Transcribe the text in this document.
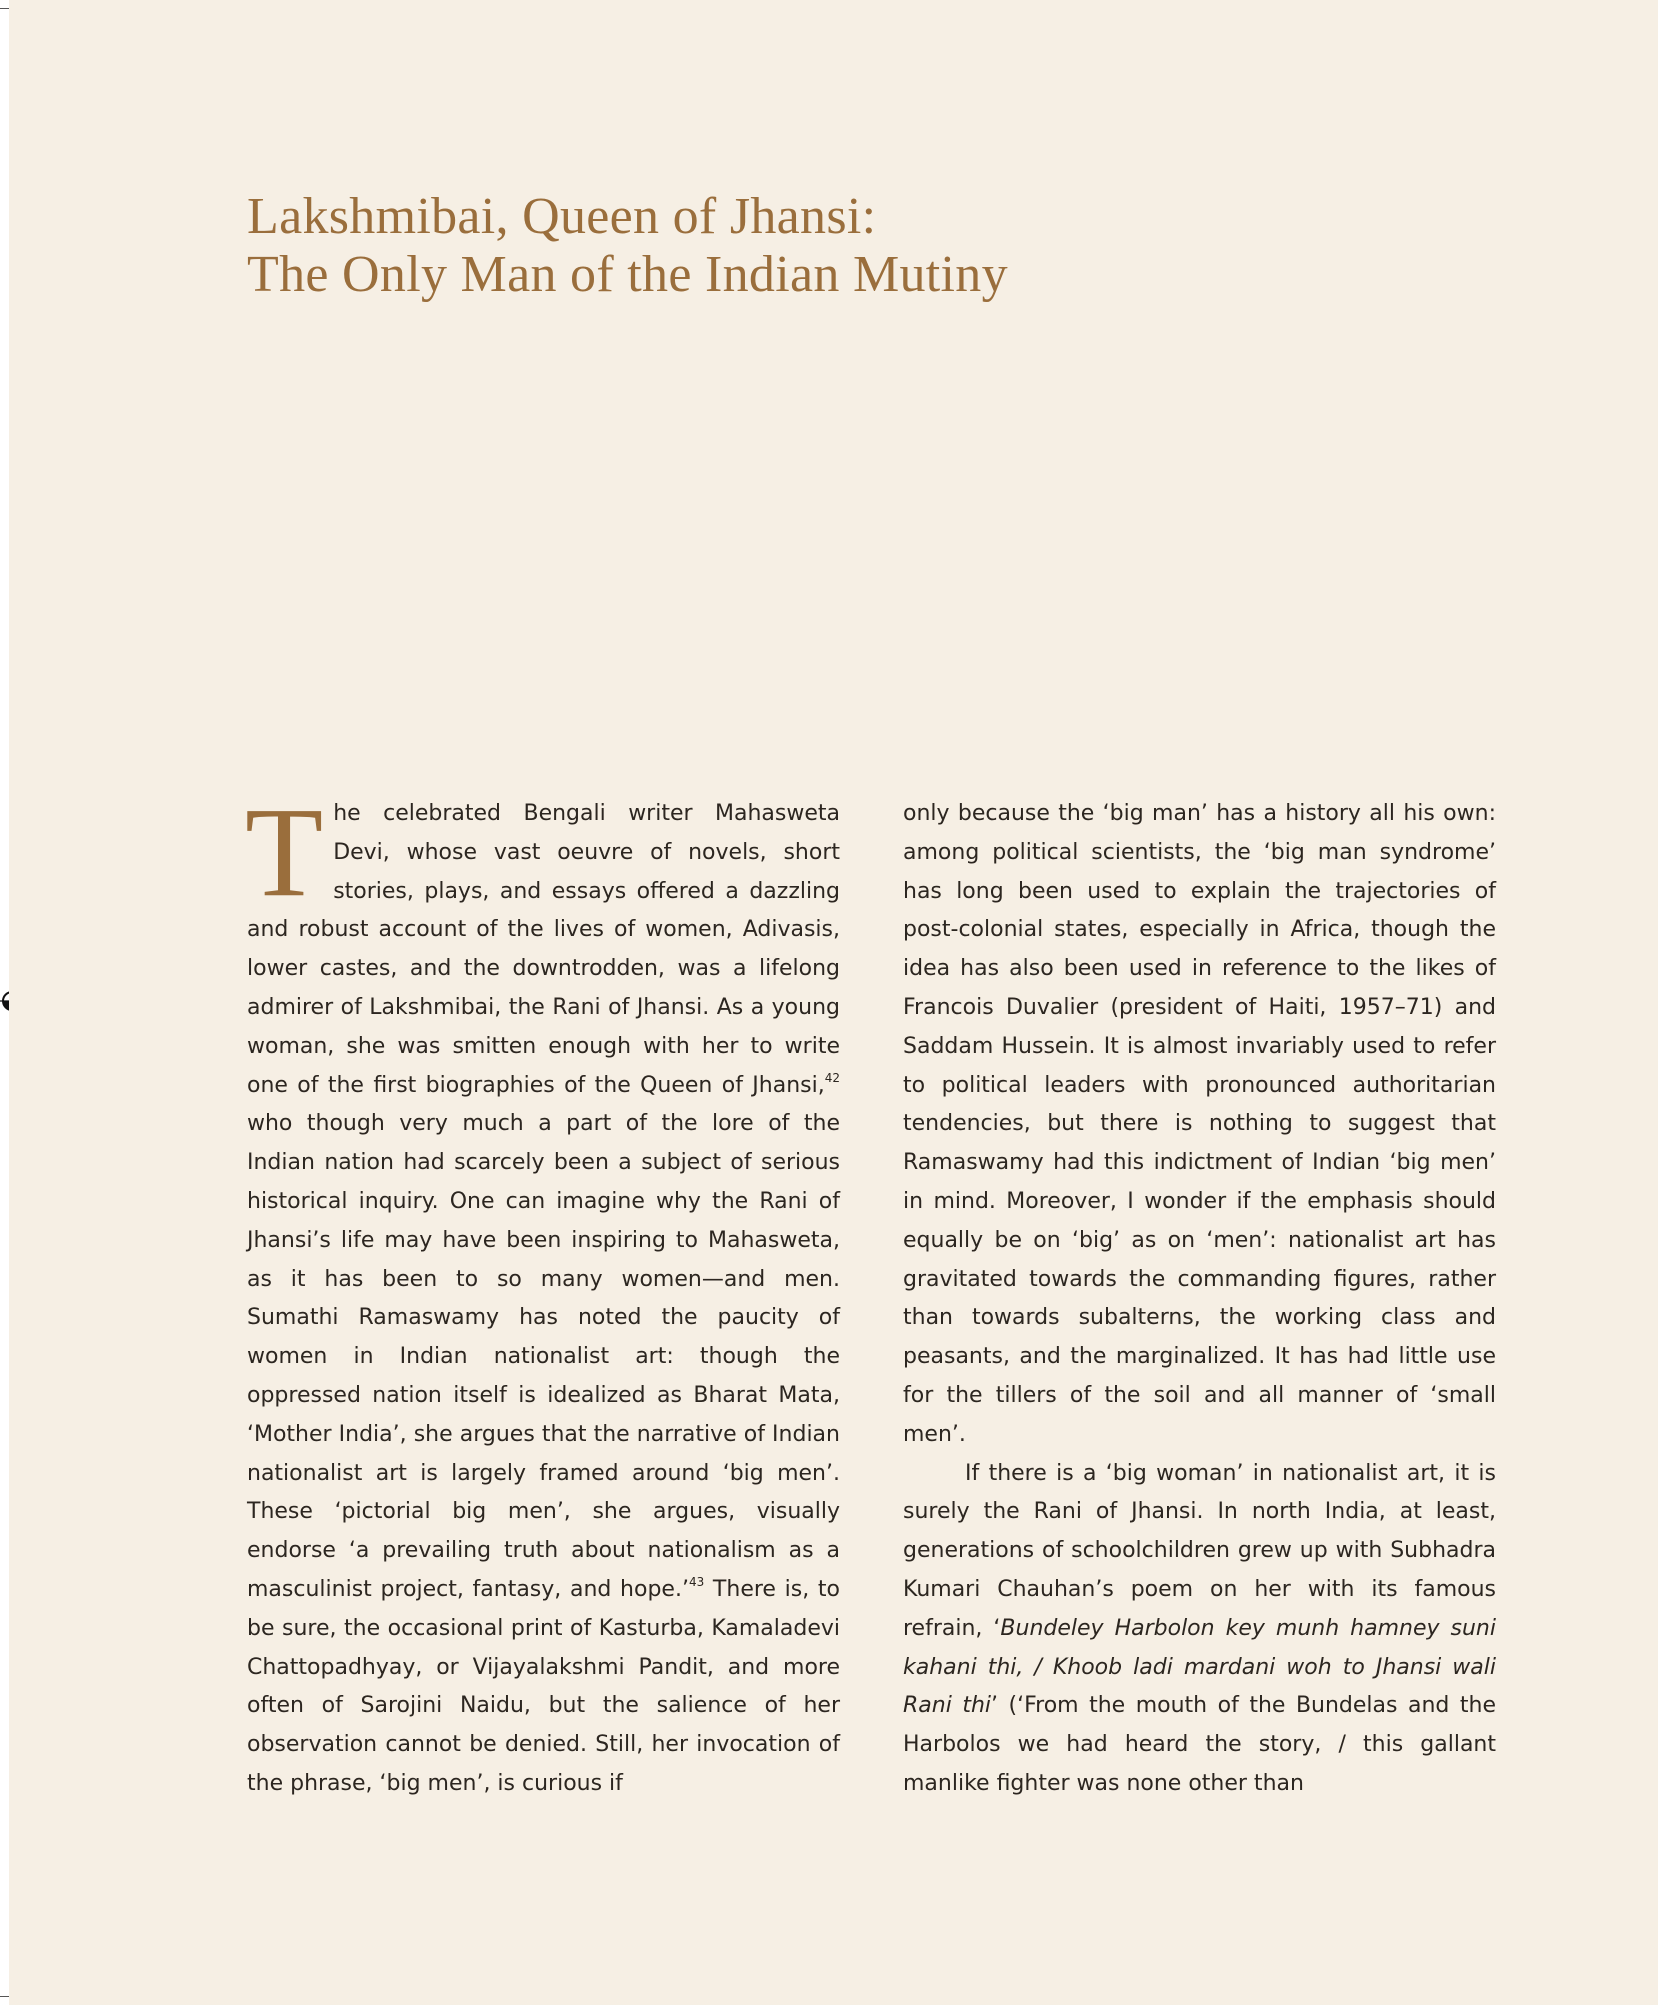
Lakshmibai, Queen of Jhansi:
The Only Man of the Indian Mutiny

The celebrated Bengali writer Mahasweta Devi, whose vast oeuvre of novels, short stories, plays, and essays offered a dazzling and robust account of the lives of women, Adivasis, lower castes, and the downtrodden, was a lifelong admirer of Lakshmibai, the Rani of Jhansi. As a young woman, she was smitten enough with her to write one of the first biographies of the Queen of Jhansi,$^{42}$ who though very much a part of the lore of the Indian nation had scarcely been a subject of serious historical inquiry. One can imagine why the Rani of Jhansi’s life may have been inspiring to Mahasweta, as it has been to so many women—and men. Sumathi Ramaswamy has noted the paucity of women in Indian nationalist art: though the oppressed nation itself is idealized as Bharat Mata, ‘Mother India’, she argues that the narrative of Indian nationalist art is largely framed around ‘big men’. These ‘pictorial big men’, she argues, visually endorse ‘a prevailing truth about nationalism as a masculinist project, fantasy, and hope.’$^{43}$ There is, to be sure, the occasional print of Kasturba, Kamaladevi Chattopadhyay, or Vijayalakshmi Pandit, and more often of Sarojini Naidu, but the salience of her observation cannot be denied. Still, her invocation of the phrase, ‘big men’, is curious if

only because the ‘big man’ has a history all his own: among political scientists, the ‘big man syndrome’ has long been used to explain the trajectories of post-colonial states, especially in Africa, though the idea has also been used in reference to the likes of Francois Duvalier (president of Haiti, 1957–71) and Saddam Hussein. It is almost invariably used to refer to political leaders with pronounced authoritarian tendencies, but there is nothing to suggest that Ramaswamy had this indictment of Indian ‘big men’ in mind. Moreover, I wonder if the emphasis should equally be on ‘big’ as on ‘men’: nationalist art has gravitated towards the commanding figures, rather than towards subalterns, the working class and peasants, and the marginalized. It has had little use for the tillers of the soil and all manner of ‘small men’.

If there is a ‘big woman’ in nationalist art, it is surely the Rani of Jhansi. In north India, at least, generations of schoolchildren grew up with Subhadra Kumari Chauhan’s poem on her with its famous refrain, ‘Bundeley Harbolon key munh hamney suni kahani thi, / Khoob ladi mardani woh to Jhansi wali Rani thi’ (‘From the mouth of the Bundelas and the Harbolos we had heard the story, / this gallant manlike fighter was none other than
